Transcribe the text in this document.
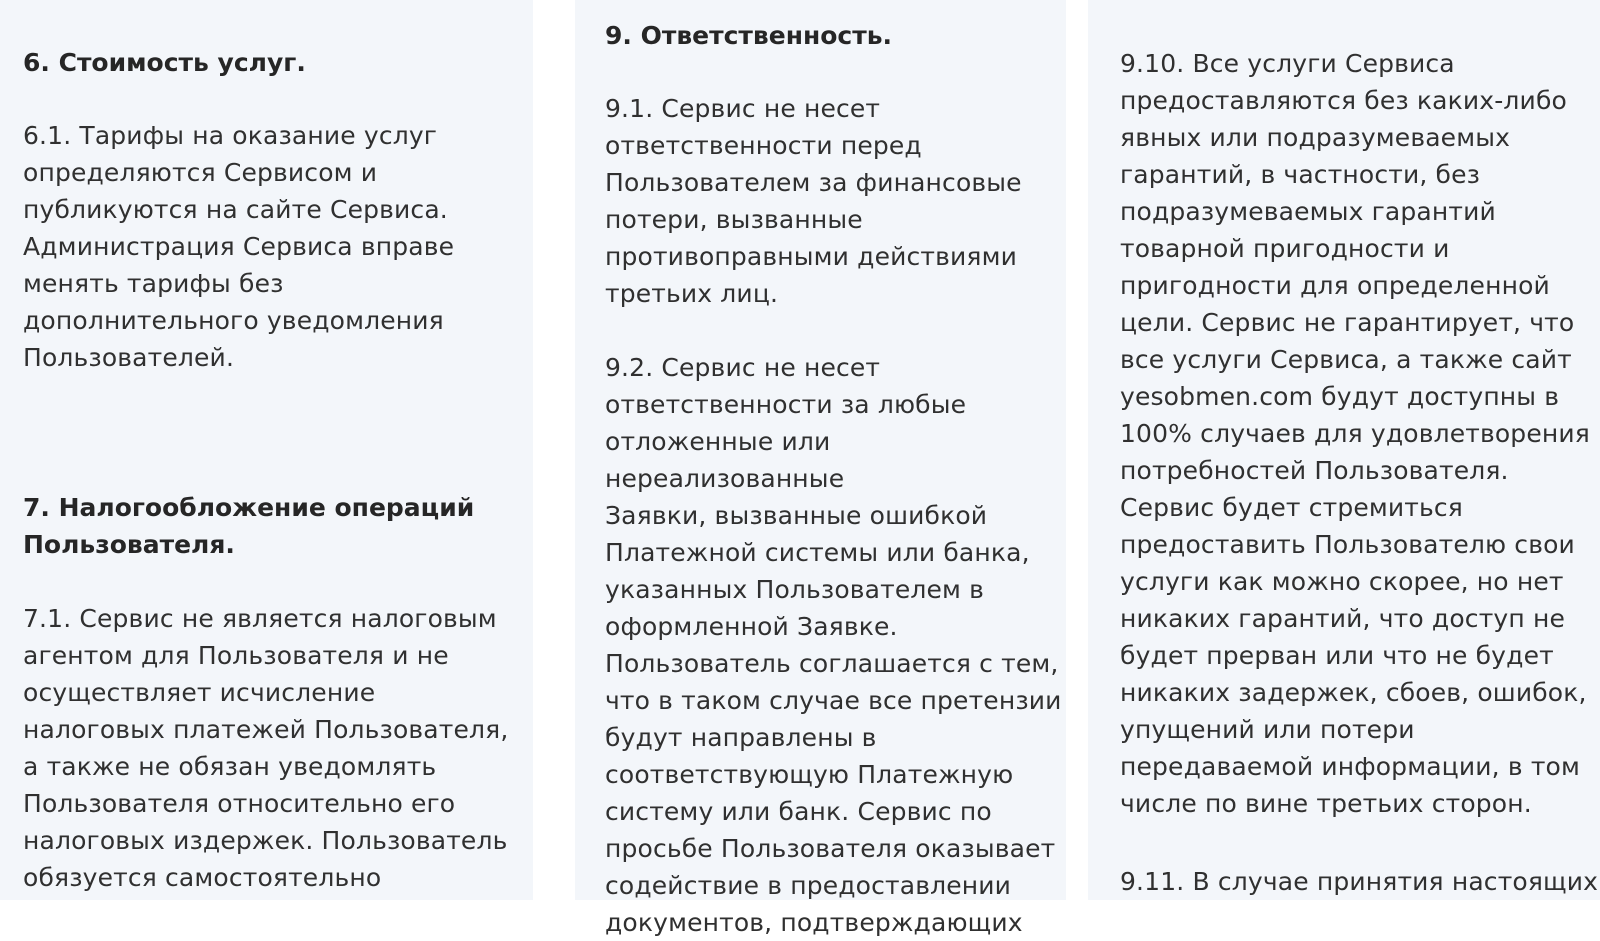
6. Стоимость услуг.

6.1. Тарифы на оказание услуг
определяются Сервисом и
публикуются на сайте Сервиса.
Администрация Сервиса вправе
менять тарифы без
дополнительного уведомления
Пользователей.

7. Налогообложение операций
Пользователя.

7.1. Сервис не является налоговым
агентом для Пользователя и не
осуществляет исчисление
налоговых платежей Пользователя,
а также не обязан уведомлять
Пользователя относительно его
налоговых издержек. Пользователь
обязуется самостоятельно

9. Ответственность.

9.1. Сервис не несет
ответственности перед
Пользователем за финансовые
потери, вызванные
противоправными действиями
третьих лиц.

9.2. Сервис не несет
ответственности за любые
отложенные или нереализованные
Заявки, вызванные ошибкой
Платежной системы или банка,
указанных Пользователем в
оформленной Заявке.
Пользователь соглашается с тем,
что в таком случае все претензии
будут направлены в
соответствующую Платежную
систему или банк. Сервис по
просьбе Пользователя оказывает
содействие в предоставлении
документов, подтверждающих

9.10. Все услуги Сервиса
предоставляются без каких-либо
явных или подразумеваемых
гарантий, в частности, без
подразумеваемых гарантий
товарной пригодности и
пригодности для определенной
цели. Сервис не гарантирует, что
все услуги Сервиса, а также сайт
yesobmen.com будут доступны в
100% случаев для удовлетворения
потребностей Пользователя.
Сервис будет стремиться
предоставить Пользователю свои
услуги как можно скорее, но нет
никаких гарантий, что доступ не
будет прерван или что не будет
никаких задержек, сбоев, ошибок,
упущений или потери
передаваемой информации, в том
числе по вине третьих сторон.

9.11. В случае принятия настоящих
